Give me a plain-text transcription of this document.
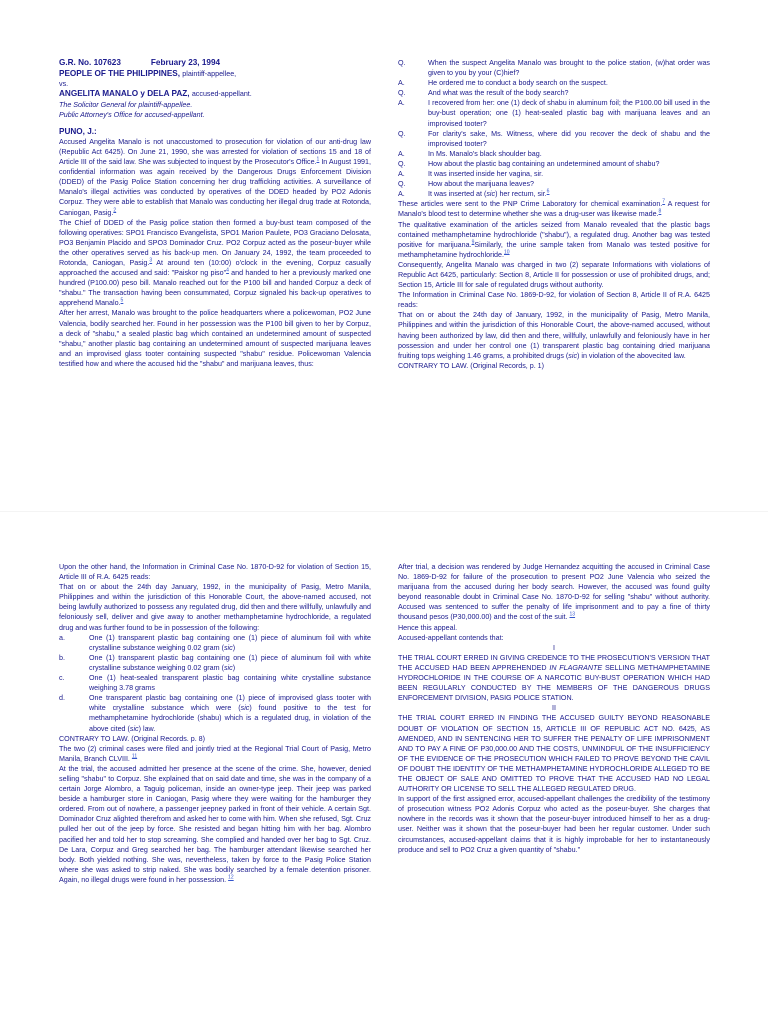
G.R. No. 107623	February 23, 1994

PEOPLE OF THE PHILIPPINES, plaintiff-appellee,

vs.

ANGELITA MANALO y DELA PAZ, accused-appellant.

The Solicitor General for plaintiff-appellee.

Public Attorney's Office for accused-appellant.

PUNO, J.:

Accused Angelita Manalo is not unaccustomed to prosecution for violation of our anti-drug law (Republic Act 6425). On June 21, 1990, she was arrested for violation of sections 15 and 18 of Article III of the said law. She was subjected to inquest by the Prosecutor's Office.$^1$ In August 1991, confidential information was again received by the Dangerous Drugs Enforcement Division (DDED) of the Pasig Police Station concerning her drug trafficking activities. A surveillance of Manalo's illegal activities was conducted by operatives of the DDED headed by PO2 Adonis Corpuz. They were able to establish that Manalo was conducting her illegal drug trade at Rotonda, Caniogan, Pasig.$^2$

The Chief of DDED of the Pasig police station then formed a buy-bust team composed of the following operatives: SPO1 Francisco Evangelista, SPO1 Marion Paulete, PO3 Graciano Delosata, PO3 Benjamin Placido and SPO3 Dominador Cruz. PO2 Corpuz acted as the poseur-buyer while the other operatives served as his back-up men. On January 24, 1992, the team proceeded to Rotonda, Caniogan, Pasig.$^3$ At around ten (10:00) o'clock in the evening, Corpuz casually approached the accused and said: "Paiskor ng piso"$^4$ and handed to her a previously marked one hundred (P100.00) peso bill. Manalo reached out for the P100 bill and handed Corpuz a deck of "shabu." The transaction having been consummated, Corpuz signaled his back-up operatives to apprehend Manalo.$^5$

After her arrest, Manalo was brought to the police headquarters where a policewoman, PO2 June Valencia, bodily searched her. Found in her possession was the P100 bill given to her by Corpuz, a deck of "shabu," a sealed plastic bag which contained an undetermined amount of suspected "shabu," another plastic bag containing an undetermined amount of suspected marijuana leaves and an improvised glass tooter containing suspected "shabu" residue. Policewoman Valencia testified how and where the accused hid the "shabu" and marijuana leaves, thus:

Q.	When the suspect Angelita Manalo was brought to the police station, (w)hat order was given to you by your (C)hief?
A.	He ordered me to conduct a body search on the suspect.
Q.	And what was the result of the body search?
A.	I recovered from her: one (1) deck of shabu in aluminum foil; the P100.00 bill used in the buy-bust operation; one (1) heat-sealed plastic bag with marijuana leaves and an improvised tooter?
Q.	For clarity's sake, Ms. Witness, where did you recover the deck of shabu and the improvised tooter?
A.	In Ms. Manalo's black shoulder bag.
Q.	How about the plastic bag containing an undetermined amount of shabu?
A.	It was inserted inside her vagina, sir.
Q.	How about the marijuana leaves?
A.	It was inserted at (sic) her rectum, sir.$^6$

These articles were sent to the PNP Crime Laboratory for chemical examination.$^7$ A request for Manalo's blood test to determine whether she was a drug-user was likewise made.$^8$

The qualitative examination of the articles seized from Manalo revealed that the plastic bags contained methamphetamine hydrochloride ("shabu"), a regulated drug. Another bag was tested positive for marijuana.$^9$Similarly, the urine sample taken from Manalo was tested positive for methamphetamine hydrochloride.$^{10}$

Consequently, Angelita Manalo was charged in two (2) separate Informations with violations of Republic Act 6425, particularly: Section 8, Article II for possession or use of prohibited drugs, and; Section 15, Article III for sale of regulated drugs without authority.

The Information in Criminal Case No. 1869-D-92, for violation of Section 8, Article II of R.A. 6425 reads:

That on or about the 24th day of January, 1992, in the municipality of Pasig, Metro Manila, Philippines and within the jurisdiction of this Honorable Court, the above-named accused, without having been authorized by law, did then and there, willfully, unlawfully and feloniously have in her possession and under her control one (1) transparent plastic bag containing dried marijuana fruiting tops weighing 1.46 grams, a prohibited drugs (sic) in violation of the abovecited law.

CONTRARY TO LAW. (Original Records, p. 1)

Upon the other hand, the Information in Criminal Case No. 1870-D-92 for violation of Section 15, Article III of R.A. 6425 reads:

That on or about the 24th day January, 1992, in the municipality of Pasig, Metro Manila, Philippines and within the jurisdiction of this Honorable Court, the above-named accused, not being lawfully authorized to possess any regulated drug, did then and there willfully, unlawfully and feloniously sell, deliver and give away to another methamphetamine hydrochloride, a regulated drug and was further found to be in possession of the following:

a.	One (1) transparent plastic bag containing one (1) piece of aluminum foil with white crystalline substance weighing 0.02 gram (sic)
b.	One (1) transparent plastic bag containing one (1) piece of aluminum foil with white crystalline substance weighing 0.02 gram (sic)
c.	One (1) heat-sealed transparent plastic bag containing white crystalline substance weighing 3.78 grams
d.	One transparent plastic bag containing one (1) piece of improvised glass tooter with white crystalline substance which were (sic) found positive to the test for methamphetamine hydrochloride (shabu) which is a regulated drug, in violation of the above cited (sic) law.

CONTRARY TO LAW. (Original Records. p. 8)

The two (2) criminal cases were filed and jointly tried at the Regional Trial Court of Pasig, Metro Manila, Branch CLVIII. $^{11}$

At the trial, the accused admitted her presence at the scene of the crime. She, however, denied selling "shabu" to Corpuz. She explained that on said date and time, she was in the company of a certain Jorge Alombro, a Taguig policeman, inside an owner-type jeep. Their jeep was parked beside a hamburger store in Caniogan, Pasig where they were waiting for the hamburger they ordered. From out of nowhere, a passenger jeepney parked in front of their vehicle. A certain Sgt. Dominador Cruz alighted therefrom and asked her to come with him. When she refused, Sgt. Cruz pulled her out of the jeep by force. She resisted and began hitting him with her bag. Alombro pacified her and told her to stop screaming. She complied and handed over her bag to Sgt. Cruz. De Lara, Corpuz and Greg searched her bag. The hamburger attendant likewise searched her body. Both yielded nothing. She was, nevertheless, taken by force to the Pasig Police Station where she was asked to strip naked. She was bodily searched by a female detention prisoner. Again, no illegal drugs were found in her possession. $^{12}$

After trial, a decision was rendered by Judge Hernandez acquitting the accused in Criminal Case No. 1869-D-92 for failure of the prosecution to present PO2 June Valencia who seized the marijuana from the accused during her body search. However, the accused was found guilty beyond reasonable doubt in Criminal Case No. 1870-D-92 for selling "shabu" without authority. Accused was sentenced to suffer the penalty of life imprisonment and to pay a fine of thirty thousand pesos (P30,000.00) and the cost of the suit. $^{13}$

Hence this appeal.

Accused-appellant contends that:

I

THE TRIAL COURT ERRED IN GIVING CREDENCE TO THE PROSECUTION'S VERSION THAT THE ACCUSED HAD BEEN APPREHENDED IN FLAGRANTE SELLING METHAMPHETAMINE HYDROCHLORIDE IN THE COURSE OF A NARCOTIC BUY-BUST OPERATION WHICH HAD BEEN REGULARLY CONDUCTED BY THE MEMBERS OF THE DANGEROUS DRUGS ENFORCEMENT DIVISION, PASIG POLICE STATION.

II

THE TRIAL COURT ERRED IN FINDING THE ACCUSED GUILTY BEYOND REASONABLE DOUBT OF VIOLATION OF SECTION 15, ARTICLE III OF REPUBLIC ACT NO. 6425, AS AMENDED, AND IN SENTENCING HER TO SUFFER THE PENALTY OF LIFE IMPRISONMENT AND TO PAY A FINE OF P30,000.00 AND THE COSTS, UNMINDFUL OF THE INSUFFICIENCY OF THE EVIDENCE OF THE PROSECUTION WHICH FAILED TO PROVE BEYOND THE CAVIL OF DOUBT THE IDENTITY OF THE METHAMPHETAMINE HYDROCHLORIDE ALLEGED TO BE THE OBJECT OF SALE AND OMITTED TO PROVE THAT THE ACCUSED HAD NO LEGAL AUTHORITY OR LICENSE TO SELL THE ALLEGED REGULATED DRUG.

In support of the first assigned error, accused-appellant challenges the credibility of the testimony of prosecution witness PO2 Adonis Corpuz who acted as the poseur-buyer. She charges that nowhere in the records was it shown that the poseur-buyer introduced himself to her as a drug-user. Neither was it shown that the poseur-buyer had been her regular customer. Under such circumstances, accused-appellant claims that it is highly improbable for her to instantaneously produce and sell to PO2 Cruz a given quantity of "shabu."
